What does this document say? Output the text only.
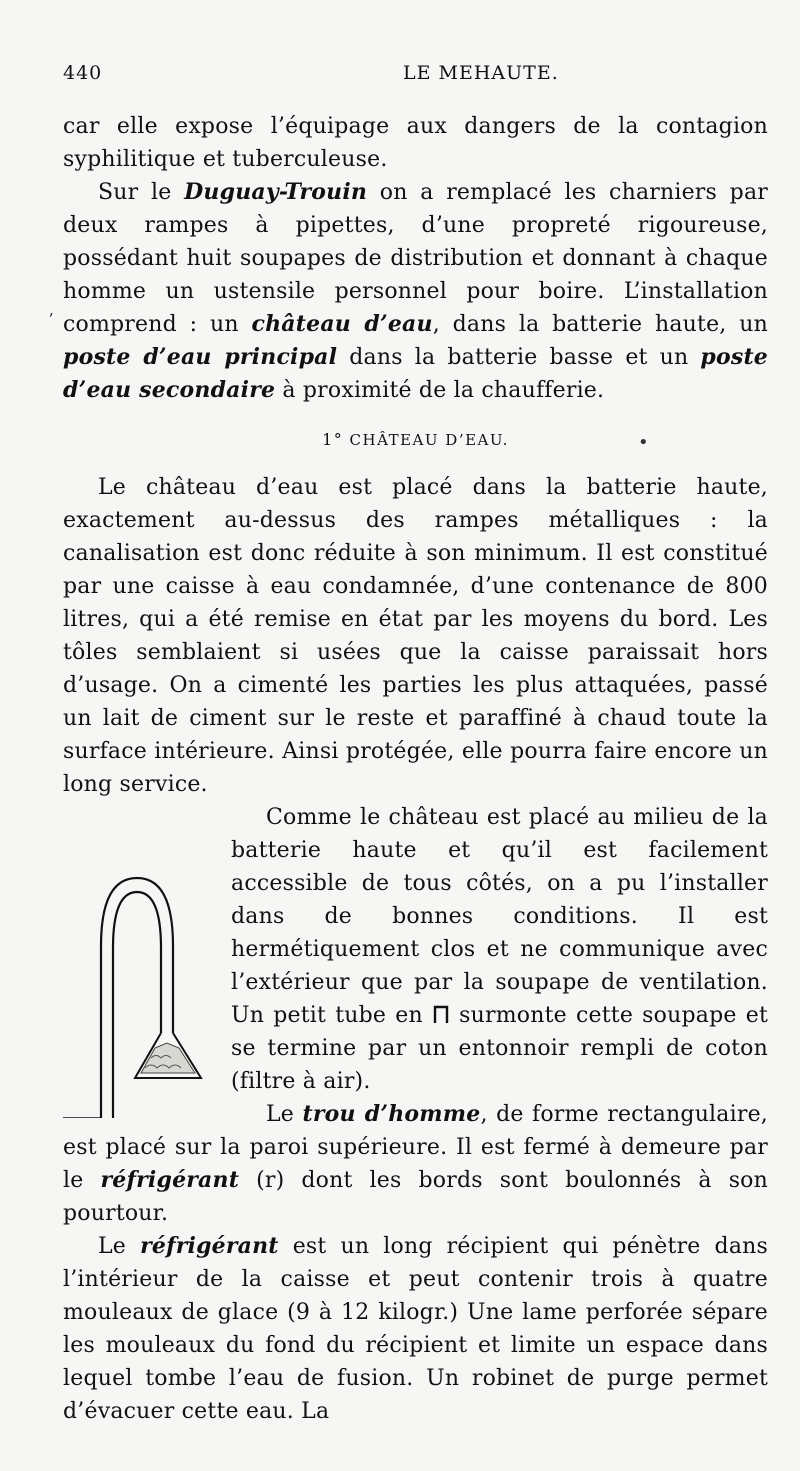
440	LE MEHAUTE.
ʼ
•

car elle expose l’équipage aux dangers de la contagion syphilitique et tuberculeuse.

Sur le Duguay-Trouin on a remplacé les charniers par deux rampes à pipettes, d’une propreté rigoureuse, possédant huit soupapes de distribution et donnant à chaque homme un ustensile personnel pour boire. L’installation comprend : un château d’eau, dans la batterie haute, un poste d’eau principal dans la batterie basse et un poste d’eau secondaire à proximité de la chaufferie.

1° CHÂTEAU D’EAU.

Le château d’eau est placé dans la batterie haute, exactement au-dessus des rampes métalliques : la canalisation est donc réduite à son minimum. Il est constitué par une caisse à eau condamnée, d’une contenance de 800 litres, qui a été remise en état par les moyens du bord. Les tôles semblaient si usées que la caisse paraissait hors d’usage. On a cimenté les parties les plus attaquées, passé un lait de ciment sur le reste et paraffiné à chaud toute la surface intérieure. Ainsi protégée, elle pourra faire encore un long service.

Comme le château est placé au milieu de la batterie haute et qu’il est facilement accessible de tous côtés, on a pu l’installer dans de bonnes conditions. Il est hermétiquement clos et ne communique avec l’extérieur que par la soupape de ventilation. Un petit tube en  surmonte cette soupape et se termine par un entonnoir rempli de coton (filtre à air).

Le trou d’homme, de forme rectangulaire, est placé sur la paroi supérieure. Il est fermé à demeure par le réfrigérant (r) dont les bords sont boulonnés à son pourtour.

Le réfrigérant est un long récipient qui pénètre dans l’intérieur de la caisse et peut contenir trois à quatre mouleaux de glace (9 à 12 kilogr.) Une lame perforée sépare les mouleaux du fond du récipient et limite un espace dans lequel tombe l’eau de fusion. Un robinet de purge permet d’évacuer cette eau. La
